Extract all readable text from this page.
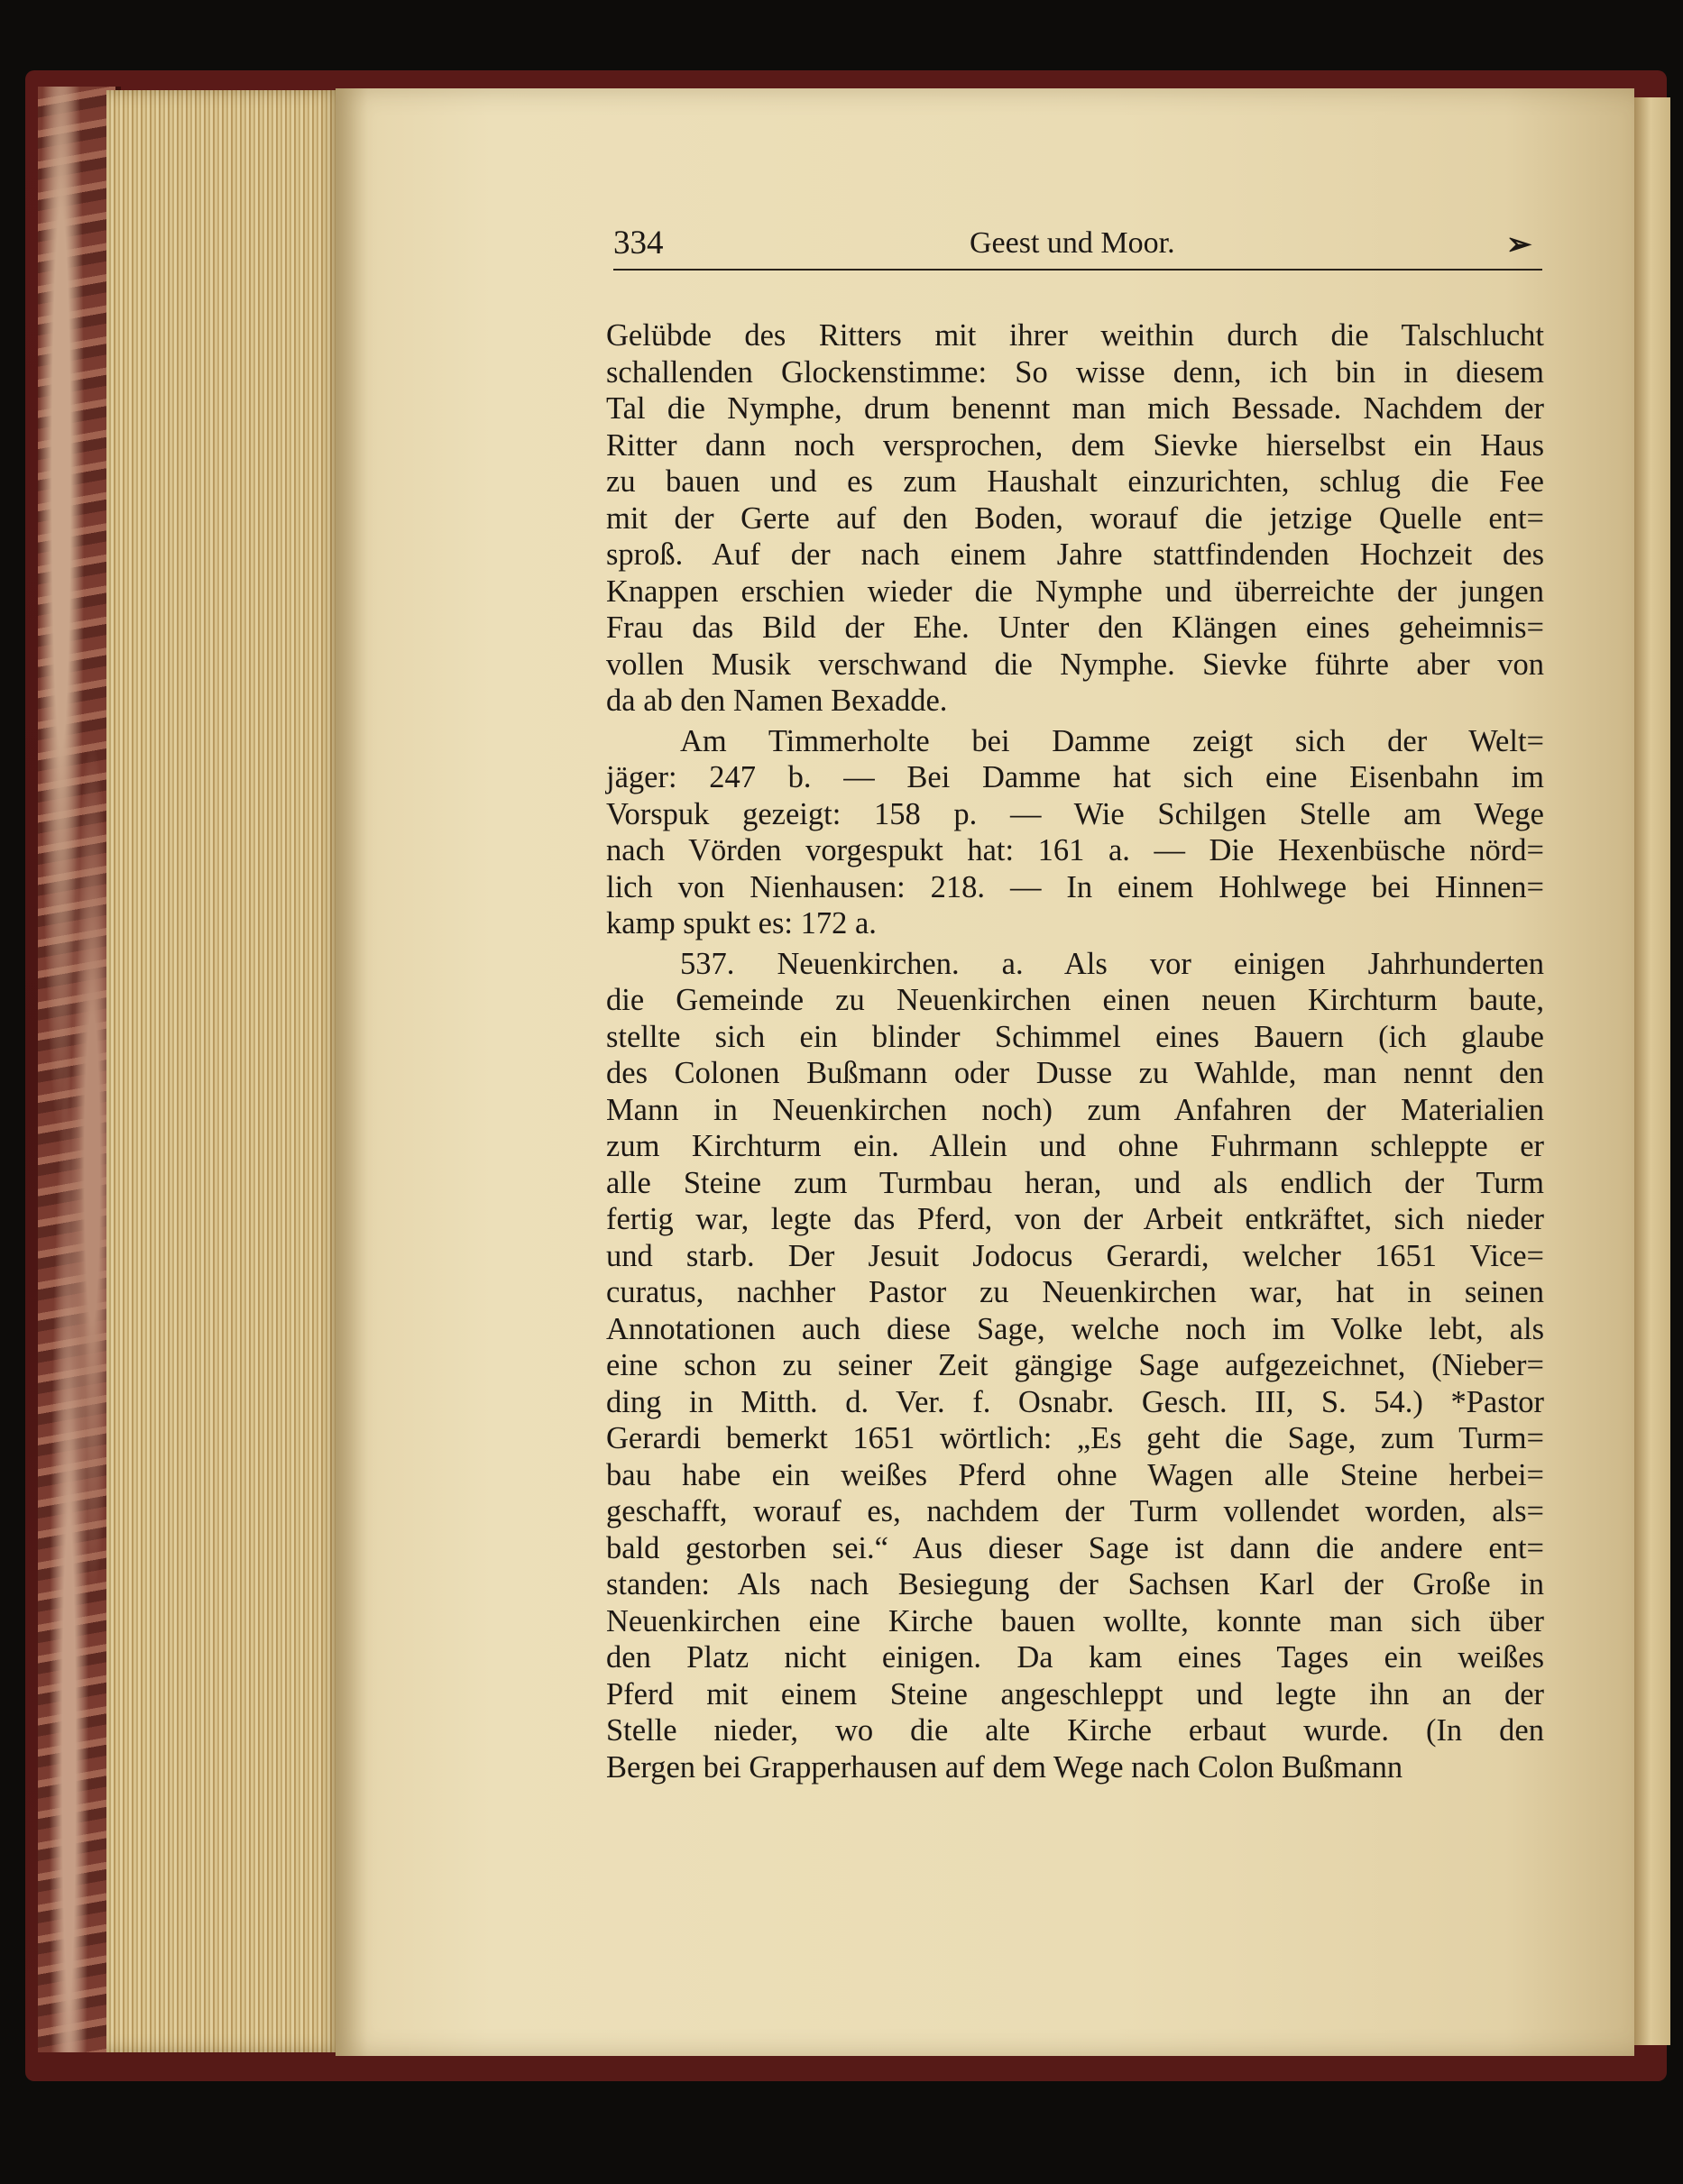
334	Geest und Moor.	➢
Gelübde des Ritters mit ihrer weithin durch die Talschlucht
schallenden Glockenstimme: So wisse denn, ich bin in diesem
Tal die Nymphe, drum benennt man mich Bessade. Nachdem der
Ritter dann noch versprochen, dem Sievke hierselbst ein Haus
zu bauen und es zum Haushalt einzurichten, schlug die Fee
mit der Gerte auf den Boden, worauf die jetzige Quelle ent=
sproß. Auf der nach einem Jahre stattfindenden Hochzeit des
Knappen erschien wieder die Nymphe und überreichte der jungen
Frau das Bild der Ehe. Unter den Klängen eines geheimnis=
vollen Musik verschwand die Nymphe. Sievke führte aber von
da ab den Namen Bexadde.
Am Timmerholte bei Damme zeigt sich der Welt=
jäger: 247 b. — Bei Damme hat sich eine Eisenbahn im
Vorspuk gezeigt: 158 p. — Wie Schilgen Stelle am Wege
nach Vörden vorgespukt hat: 161 a. — Die Hexenbüsche nörd=
lich von Nienhausen: 218. — In einem Hohlwege bei Hinnen=
kamp spukt es: 172 a.
537. Neuenkirchen. a. Als vor einigen Jahrhunderten
die Gemeinde zu Neuenkirchen einen neuen Kirchturm baute,
stellte sich ein blinder Schimmel eines Bauern (ich glaube
des Colonen Bußmann oder Dusse zu Wahlde, man nennt den
Mann in Neuenkirchen noch) zum Anfahren der Materialien
zum Kirchturm ein. Allein und ohne Fuhrmann schleppte er
alle Steine zum Turmbau heran, und als endlich der Turm
fertig war, legte das Pferd, von der Arbeit entkräftet, sich nieder
und starb. Der Jesuit Jodocus Gerardi, welcher 1651 Vice=
curatus, nachher Pastor zu Neuenkirchen war, hat in seinen
Annotationen auch diese Sage, welche noch im Volke lebt, als
eine schon zu seiner Zeit gängige Sage aufgezeichnet, (Nieber=
ding in Mitth. d. Ver. f. Osnabr. Gesch. III, S. 54.) *Pastor
Gerardi bemerkt 1651 wörtlich: „Es geht die Sage, zum Turm=
bau habe ein weißes Pferd ohne Wagen alle Steine herbei=
geschafft, worauf es, nachdem der Turm vollendet worden, als=
bald gestorben sei.“ Aus dieser Sage ist dann die andere ent=
standen: Als nach Besiegung der Sachsen Karl der Große in
Neuenkirchen eine Kirche bauen wollte, konnte man sich über
den Platz nicht einigen. Da kam eines Tages ein weißes
Pferd mit einem Steine angeschleppt und legte ihn an der
Stelle nieder, wo die alte Kirche erbaut wurde. (In den
Bergen bei Grapperhausen auf dem Wege nach Colon Bußmann
